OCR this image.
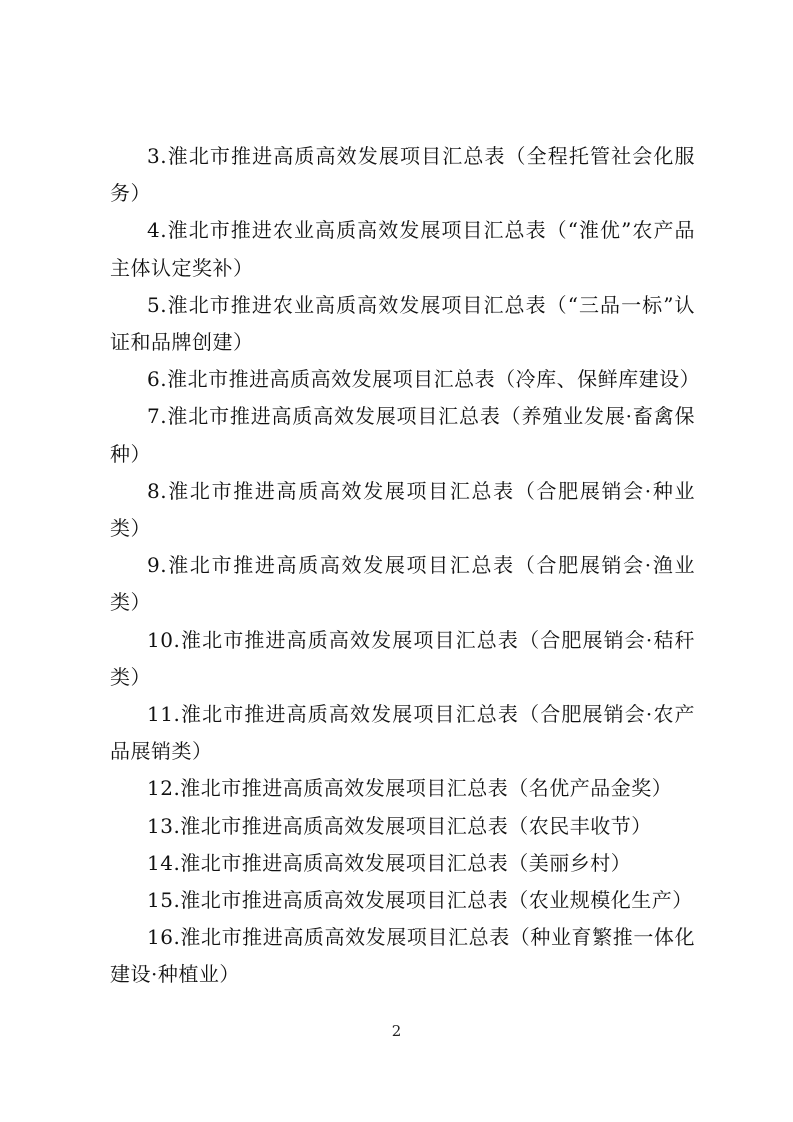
3.淮北市推进高质高效发展项目汇总表（全程托管社会化服务）

4.淮北市推进农业高质高效发展项目汇总表（“淮优”农产品主体认定奖补）

5.淮北市推进农业高质高效发展项目汇总表（“三品一标”认证和品牌创建）

6.淮北市推进高质高效发展项目汇总表（冷库、保鲜库建设）

7.淮北市推进高质高效发展项目汇总表（养殖业发展·畜禽保种）

8.淮北市推进高质高效发展项目汇总表（合肥展销会·种业类）

9.淮北市推进高质高效发展项目汇总表（合肥展销会·渔业类）

10.淮北市推进高质高效发展项目汇总表（合肥展销会·秸秆类）

11.淮北市推进高质高效发展项目汇总表（合肥展销会·农产品展销类）

12.淮北市推进高质高效发展项目汇总表（名优产品金奖）

13.淮北市推进高质高效发展项目汇总表（农民丰收节）

14.淮北市推进高质高效发展项目汇总表（美丽乡村）

15.淮北市推进高质高效发展项目汇总表（农业规模化生产）

16.淮北市推进高质高效发展项目汇总表（种业育繁推一体化建设·种植业）

2
